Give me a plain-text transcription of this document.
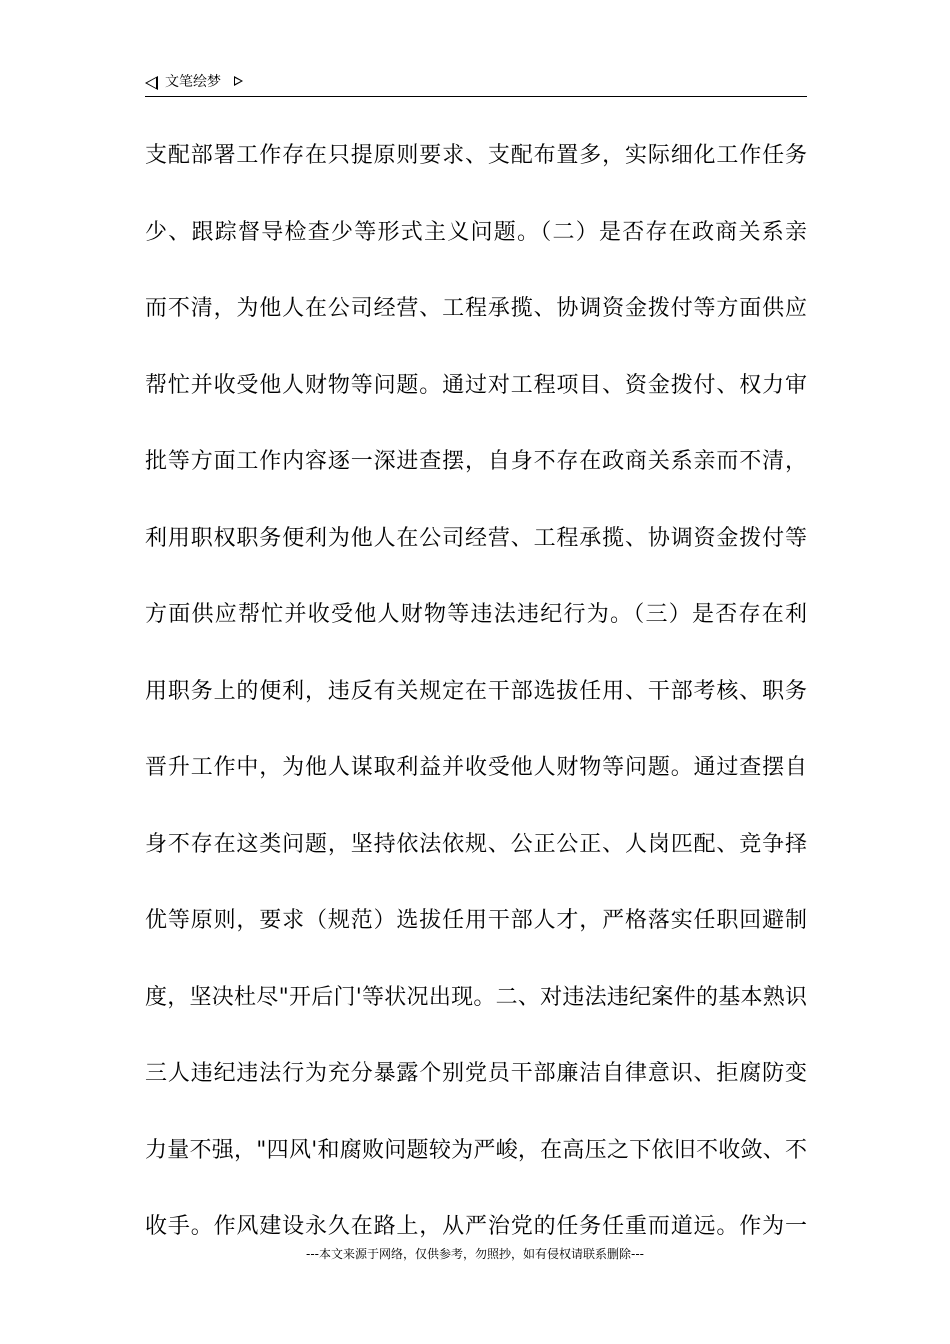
文笔绘梦
支配部署工作存在只提原则要求、支配布置多，实际细化工作任务
少、跟踪督导检查少等形式主义问题。（二）是否存在政商关系亲
而不清，为他人在公司经营、工程承揽、协调资金拨付等方面供应
帮忙并收受他人财物等问题。通过对工程项目、资金拨付、权力审
批等方面工作内容逐一深进查摆，自身不存在政商关系亲而不清，
利用职权职务便利为他人在公司经营、工程承揽、协调资金拨付等
方面供应帮忙并收受他人财物等违法违纪行为。（三）是否存在利
用职务上的便利，违反有关规定在干部选拔任用、干部考核、职务
晋升工作中，为他人谋取利益并收受他人财物等问题。通过查摆自
身不存在这类问题，坚持依法依规、公正公正、人岗匹配、竞争择
优等原则，要求（规范）选拔任用干部人才，严格落实任职回避制
度，坚决杜尽"开后门'等状况出现。二、对违法违纪案件的基本熟识
三人违纪违法行为充分暴露个别党员干部廉洁自律意识、拒腐防变
力量不强，"四风'和腐败问题较为严峻，在高压之下依旧不收敛、不
收手。作风建设永久在路上，从严治党的任务任重而道远。作为一
---本文来源于网络，仅供参考，勿照抄，如有侵权请联系删除---
